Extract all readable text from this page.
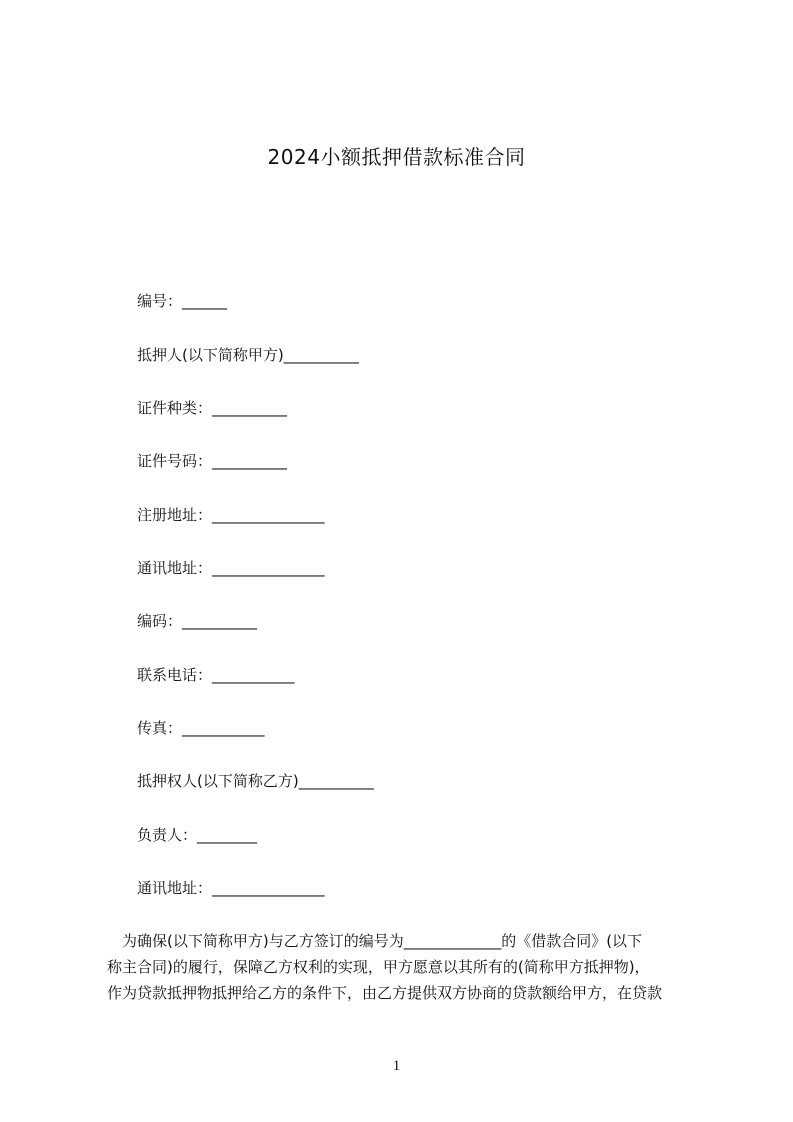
2024小额抵押借款标准合同
编号：______
抵押人(以下简称甲方)__________
证件种类：__________
证件号码：__________
注册地址：_______________
通讯地址：_______________
编码：__________
联系电话：___________
传真：___________
抵押权人(以下简称乙方)__________
负责人：________
通讯地址：_______________

　为确保(以下简称甲方)与乙方签订的编号为_____________的《借款合同》(以下

称主合同)的履行，保障乙方权利的实现，甲方愿意以其所有的(简称甲方抵押物)，

作为贷款抵押物抵押给乙方的条件下，由乙方提供双方协商的贷款额给甲方，在贷款

1
